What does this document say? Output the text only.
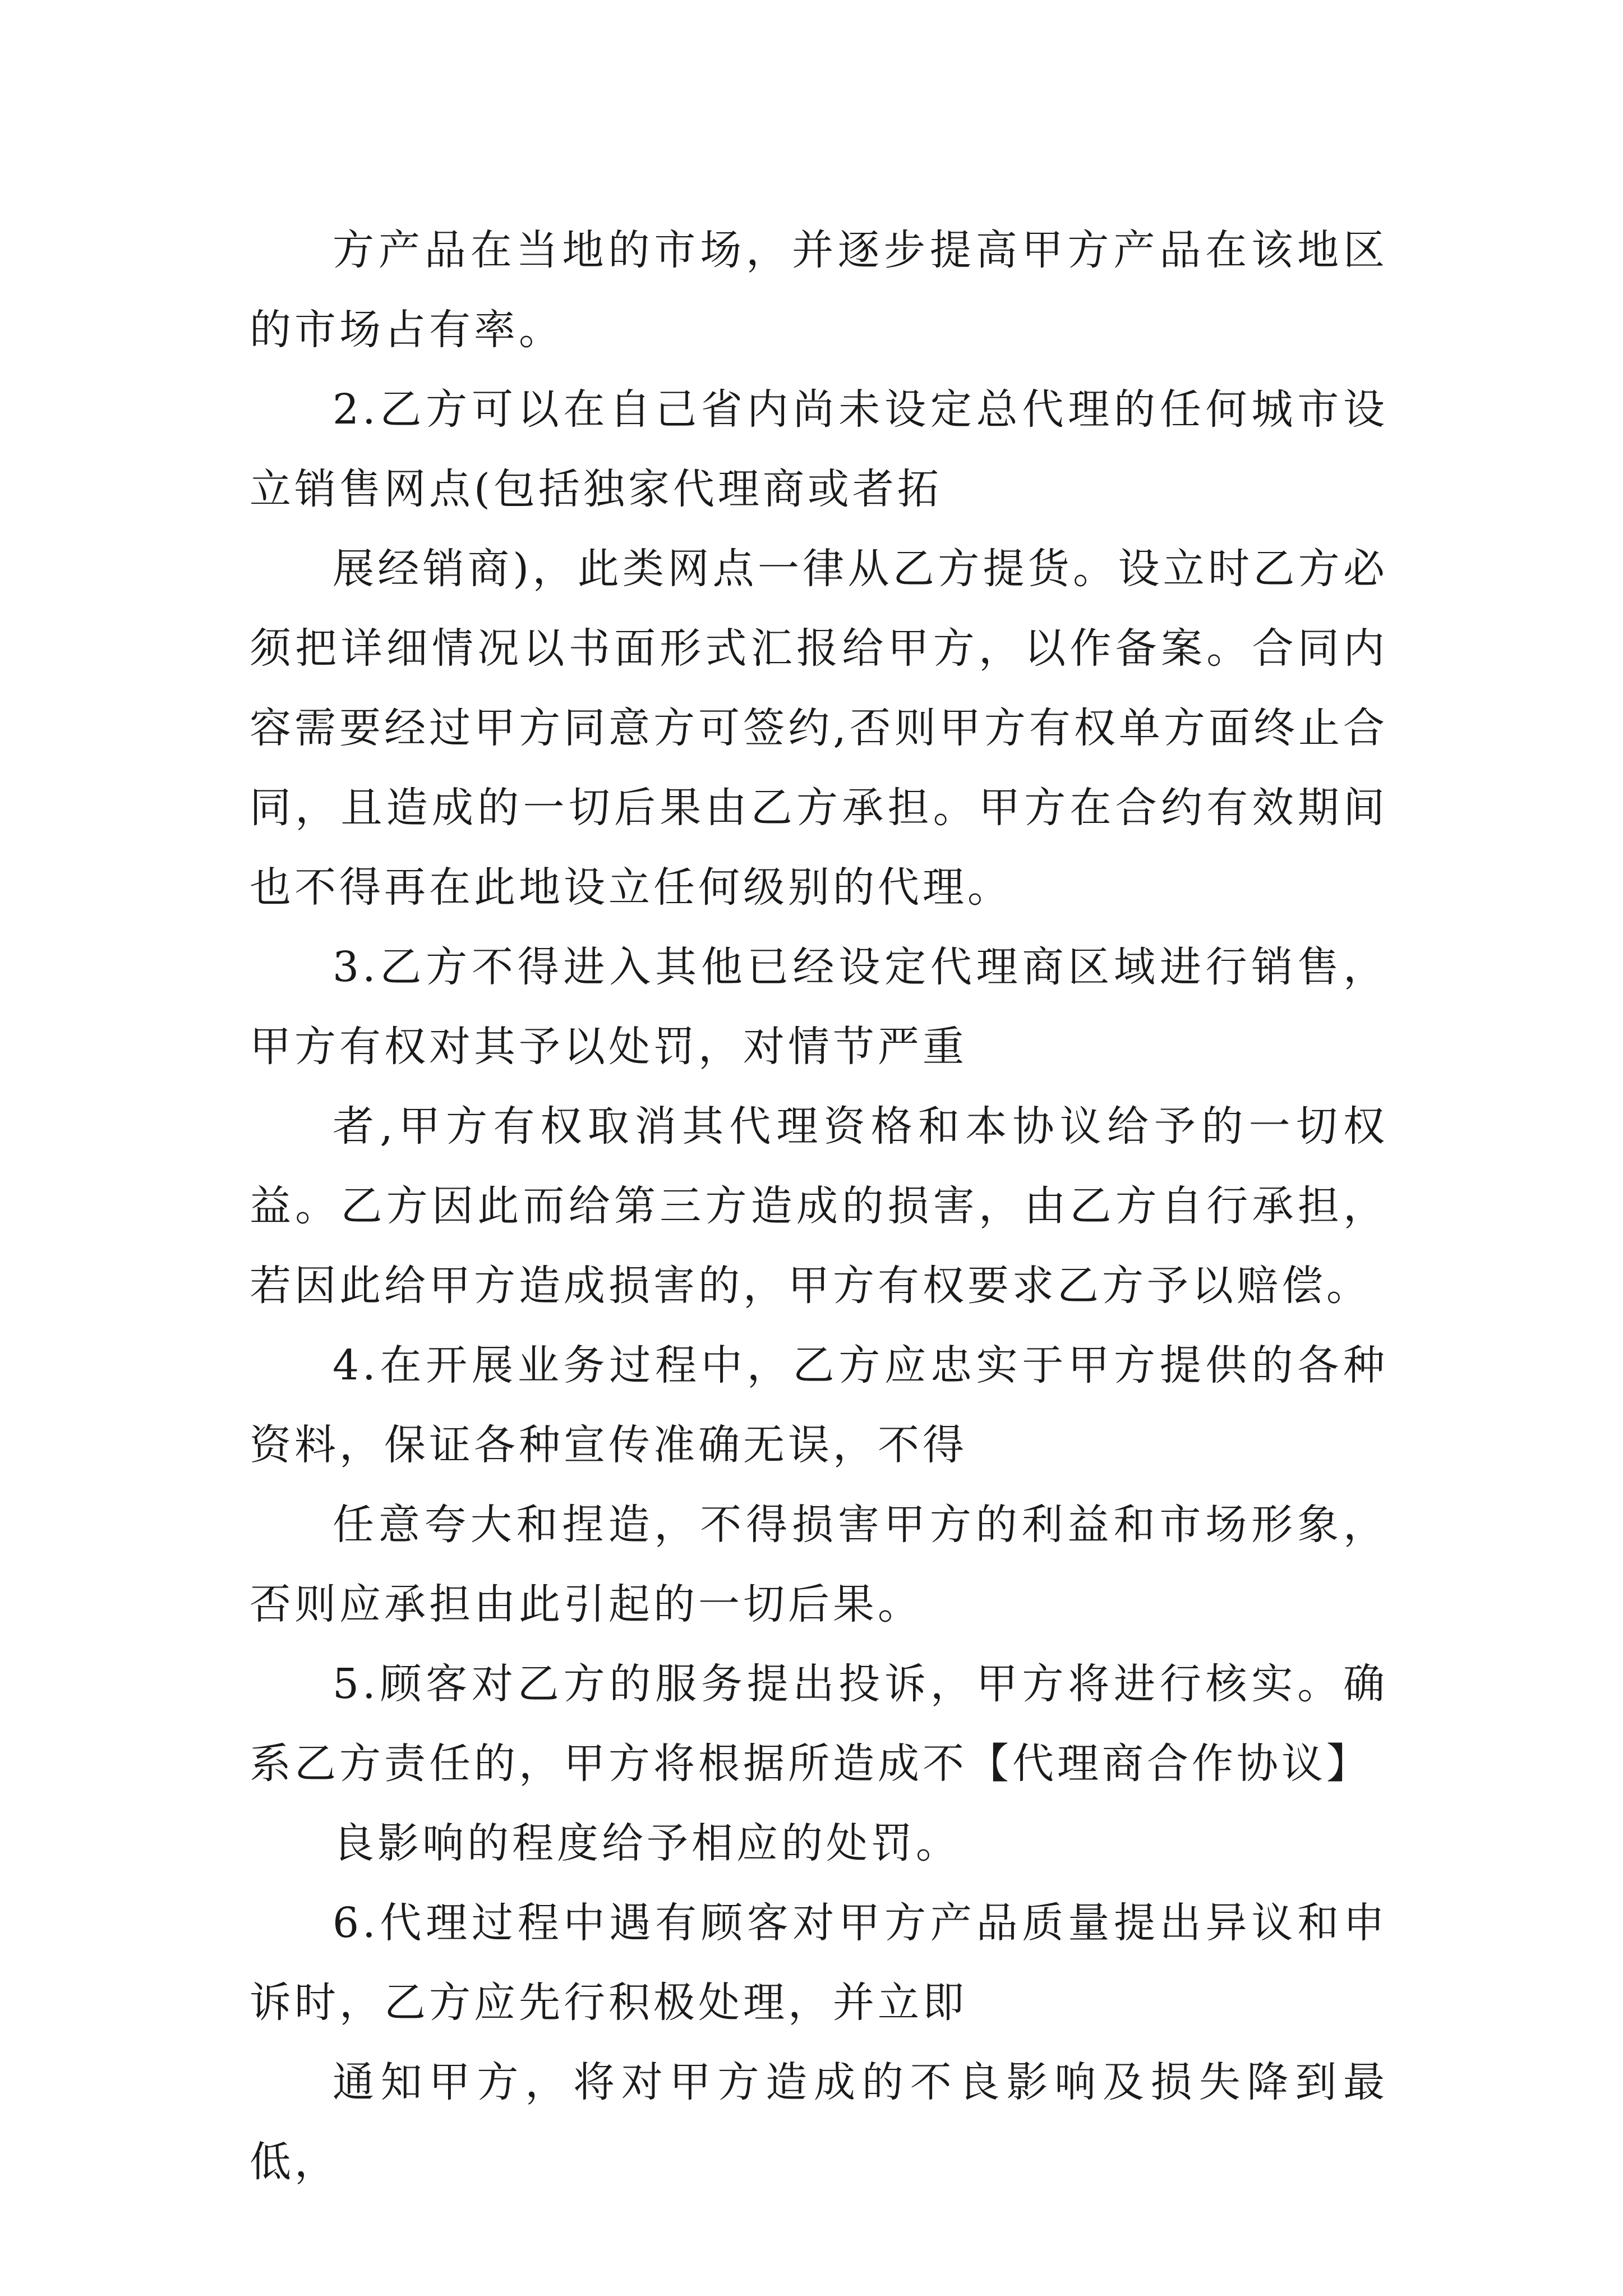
方产品在当地的市场，并逐步提高甲方产品在该地区的市场占有率。

2.乙方可以在自己省内尚未设定总代理的任何城市设立销售网点(包括独家代理商或者拓

展经销商)，此类网点一律从乙方提货。设立时乙方必须把详细情况以书面形式汇报给甲方，以作备案。合同内容需要经过甲方同意方可签约,否则甲方有权单方面终止合同，且造成的一切后果由乙方承担。甲方在合约有效期间也不得再在此地设立任何级别的代理。

3.乙方不得进入其他已经设定代理商区域进行销售，甲方有权对其予以处罚，对情节严重

者,甲方有权取消其代理资格和本协议给予的一切权益。乙方因此而给第三方造成的损害，由乙方自行承担，若因此给甲方造成损害的，甲方有权要求乙方予以赔偿。

4.在开展业务过程中，乙方应忠实于甲方提供的各种资料，保证各种宣传准确无误，不得

任意夸大和捏造，不得损害甲方的利益和市场形象，否则应承担由此引起的一切后果。

5.顾客对乙方的服务提出投诉，甲方将进行核实。确系乙方责任的，甲方将根据所造成不【代理商合作协议】

良影响的程度给予相应的处罚。

6.代理过程中遇有顾客对甲方产品质量提出异议和申诉时，乙方应先行积极处理，并立即

通知甲方，将对甲方造成的不良影响及损失降到最低，
